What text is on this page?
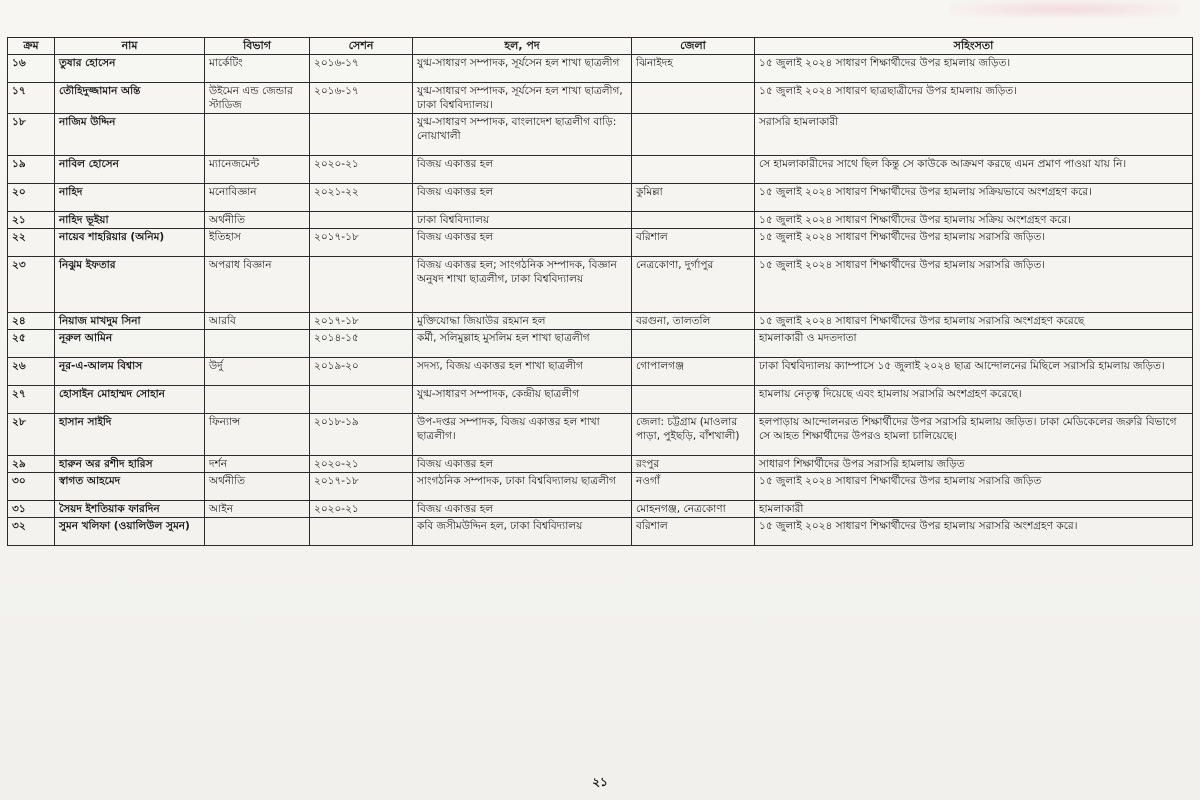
ক্রম	নাম	বিভাগ	সেশন	হল, পদ	জেলা	সহিংসতা
১৬	তুষার হোসেন	মার্কেটিং	২০১৬-১৭	যুগ্ম-সাধারণ সম্পাদক, সূর্যসেন হল শাখা ছাত্রলীগ	ঝিনাইদহ	১৫ জুলাই ২০২৪ সাধারণ শিক্ষার্থীদের উপর হামলায় জড়িত।
১৭	তৌহিদুজ্জামান অন্তি	উইমেন এন্ড জেন্ডার স্টাডিজ	২০১৬-১৭	যুগ্ম-সাধারণ সম্পাদক, সূর্যসেন হল শাখা ছাত্রলীগ, ঢাকা বিশ্ববিদ্যালয়।		১৫ জুলাই ২০২৪ সাধারণ ছাত্রছাত্রীদের উপর হামলায় জড়িত।
১৮	নাজিম উদ্দিন			যুগ্ম-সাধারণ সম্পাদক, বাংলাদেশ ছাত্রলীগ বাড়ি: নোয়াখালী		সরাসরি হামলাকারী
১৯	নাবিল হোসেন	ম্যানেজমেন্ট	২০২০-২১	বিজয় একাত্তর হল		সে হামলাকারীদের সাথে ছিল কিন্তু সে কাউকে আক্রমণ করছে এমন প্রমাণ পাওয়া যায় নি।
২০	নাহিদ	মনোবিজ্ঞান	২০২১-২২	বিজয় একাত্তর হল	কুমিল্লা	১৫ জুলাই ২০২৪ সাধারণ শিক্ষার্থীদের উপর হামলায় সক্রিয়ভাবে অংশগ্রহণ করে।
২১	নাহিদ ভূইয়া	অর্থনীতি		ঢাকা বিশ্ববিদ্যালয়		১৫ জুলাই ২০২৪ সাধারণ শিক্ষার্থীদের উপর হামলায় সক্রিয় অংশগ্রহণ করে।
২২	নায়েব শাহরিয়ার (অনিম)	ইতিহাস	২০১৭-১৮	বিজয় একাত্তর হল	বরিশাল	১৫ জুলাই ২০২৪ সাধারণ শিক্ষার্থীদের উপর হামলায় সরাসরি জড়িত।
২৩	নিঝুম ইফতার	অপরাধ বিজ্ঞান		বিজয় একাত্তর হল; সাংগঠনিক সম্পাদক, বিজ্ঞান অনুষদ শাখা ছাত্রলীগ, ঢাকা বিশ্ববিদ্যালয়	নেত্রকোণা, দুর্গাপুর	১৫ জুলাই ২০২৪ সাধারণ শিক্ষার্থীদের উপর হামলায় সরাসরি জড়িত।
২৪	নিয়াজ মাখদুম সিনা	আরবি	২০১৭-১৮	মুক্তিযোদ্ধা জিয়াউর রহমান হল	বরগুনা, তালতলি	১৫ জুলাই ২০২৪ সাধারণ শিক্ষার্থীদের উপর হামলায় সরাসরি অংশগ্রহণ করেছে
২৫	নূরুল আমিন		২০১৪-১৫	কর্মী, সলিমুল্লাহ মুসলিম হল শাখা ছাত্রলীগ		হামলাকারী ও মদতদাতা
২৬	নূর-এ-আলম বিশ্বাস	উর্দু	২০১৯-২০	সদস্য, বিজয় একাত্তর হল শাখা ছাত্রলীগ	গোপালগঞ্জ	ঢাকা বিশ্ববিদ্যালয় ক্যাম্পাসে ১৫ জুলাই ২০২৪ ছাত্র আন্দোলনের মিছিলে সরাসরি হামলায় জড়িত।
২৭	হোসাইন মোহাম্মদ সোহান			যুগ্ম-সাধারণ সম্পাদক, কেন্দ্রীয় ছাত্রলীগ		হামলায় নেতৃত্ব দিয়েছে এবং হামলায় সরাসরি অংশগ্রহণ করেছে।
২৮	হাসান সাইদি	ফিন্যান্স	২০১৮-১৯	উপ-দপ্তর সম্পাদক, বিজয় একাত্তর হল শাখা ছাত্রলীগ।	জেলা: চট্টগ্রাম (মাওলার পাড়া, পুইছড়ি, বাঁশখালী)	হলপাড়ায় আন্দোলনরত শিক্ষার্থীদের উপর সরাসরি হামলায় জড়িত। ঢাকা মেডিকেলের জরুরি বিভাগে সে আহত শিক্ষার্থীদের উপরও হামলা চালিয়েছে।
২৯	হারুন অর রশীদ হারিস	দর্শন	২০২০-২১	বিজয় একাত্তর হল	রংপুর	সাধারণ শিক্ষার্থীদের উপর সরাসরি হামলায় জড়িত
৩০	স্বাগত আহমেদ	অর্থনীতি	২০১৭-১৮	সাংগঠনিক সম্পাদক, ঢাকা বিশ্ববিদ্যালয় ছাত্রলীগ	নওগাঁ	১৫ জুলাই ২০২৪ সাধারণ শিক্ষার্থীদের উপর হামলায় সরাসরি জড়িত
৩১	সৈয়দ ইশতিয়াক ফারদিন	আইন	২০২০-২১	বিজয় একাত্তর হল	মোহনগঞ্জ, নেত্রকোণা	হামলাকারী
৩২	সুমন খলিফা (ওয়ালিউল সুমন)			কবি জসীমউদ্দিন হল, ঢাকা বিশ্ববিদ্যালয়	বরিশাল	১৫ জুলাই ২০২৪ সাধারণ শিক্ষার্থীদের উপর হামলায় সরাসরি অংশগ্রহণ করে।
২১
